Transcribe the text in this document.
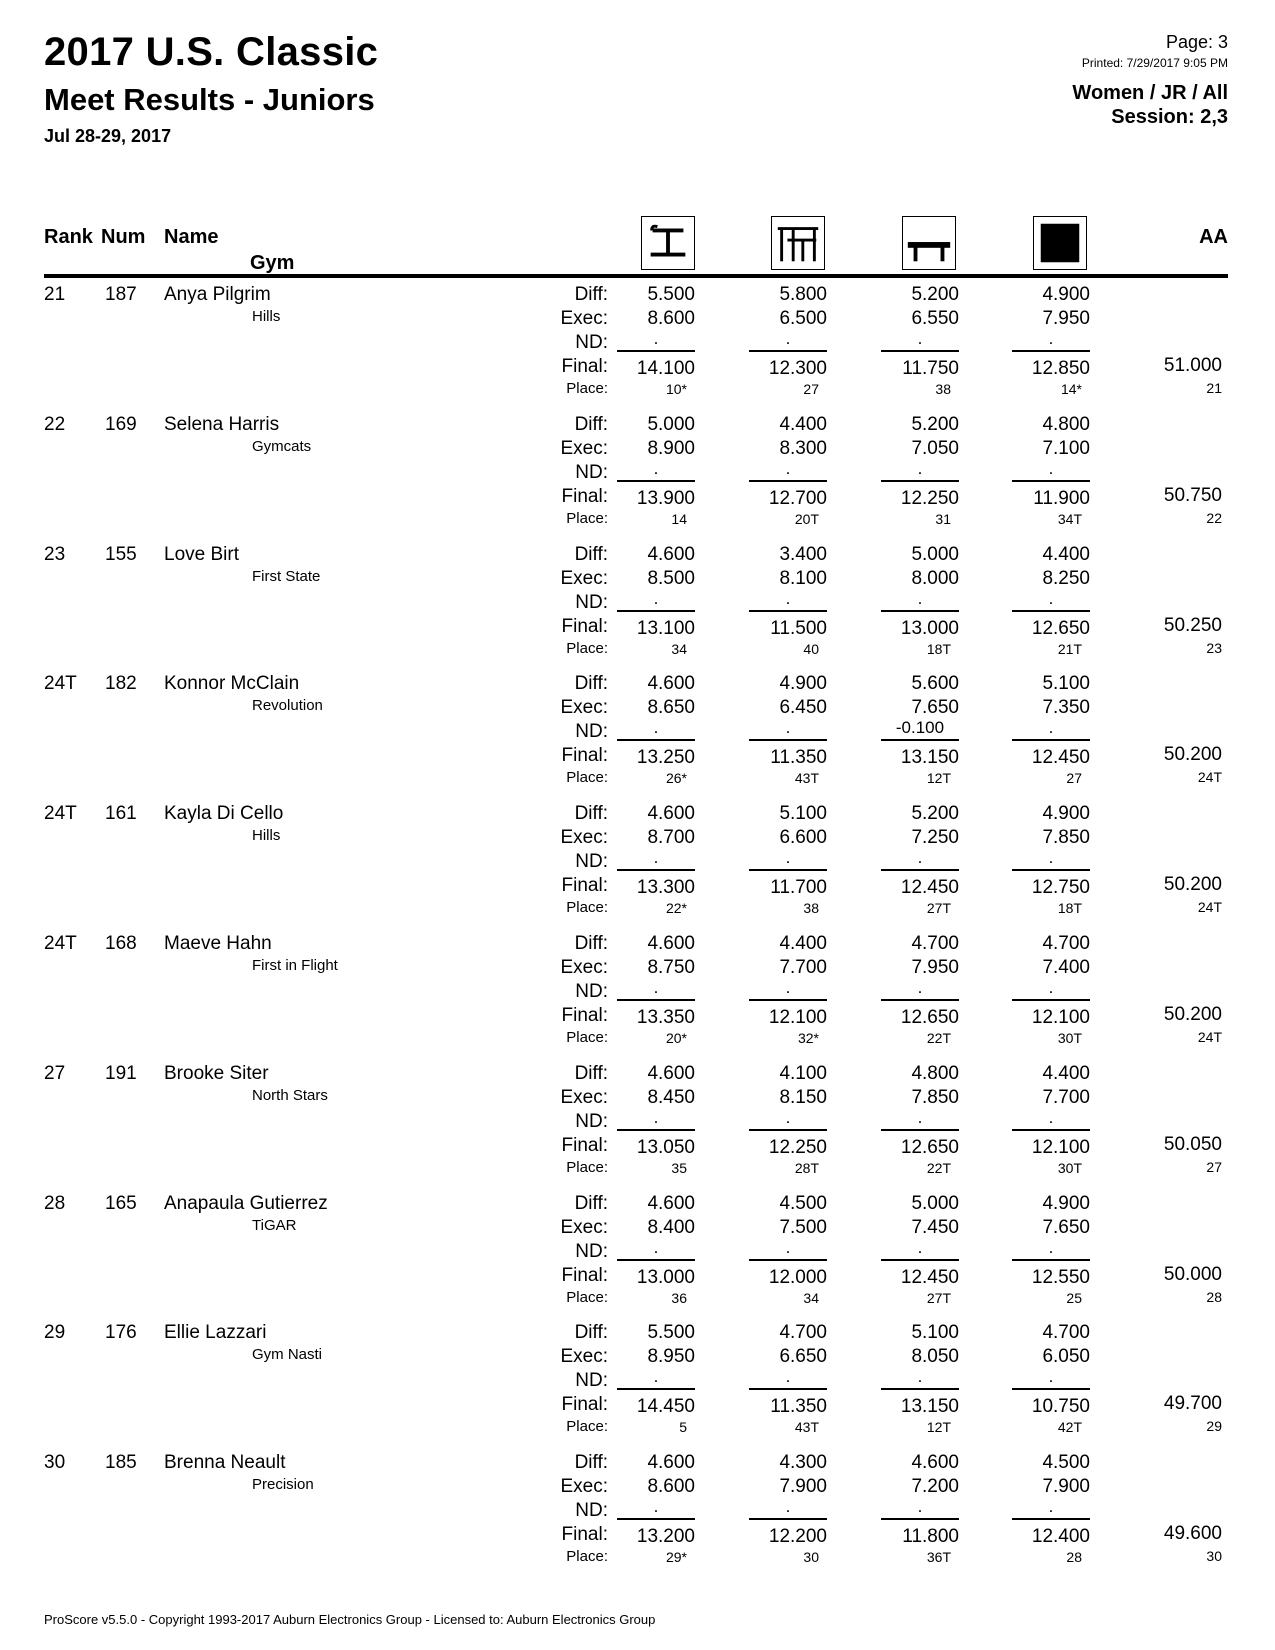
2017 U.S. Classic
Meet Results - Juniors
Jul 28-29, 2017
Page: 3
Printed: 7/29/2017 9:05 PM
Women / JR / All
Session: 2,3
Rank Num Name
Gym
AA
21 187 Anya Pilgrim
Hills
Diff:	5.500	5.800	5.200	4.900
Exec:	8.600	6.500	6.550	7.950
ND:	.	.	.	.
Final:	14.100	12.300	11.750	12.850
Place:	10*	27	38	14*
51.000
21
22 169 Selena Harris
Gymcats
Diff:	5.000	4.400	5.200	4.800
Exec:	8.900	8.300	7.050	7.100
ND:	.	.	.	.
Final:	13.900	12.700	12.250	11.900
Place:	14	20T	31	34T
50.750
22
23 155 Love Birt
First State
Diff:	4.600	3.400	5.000	4.400
Exec:	8.500	8.100	8.000	8.250
ND:	.	.	.	.
Final:	13.100	11.500	13.000	12.650
Place:	34	40	18T	21T
50.250
23
24T 182 Konnor McClain
Revolution
Diff:	4.600	4.900	5.600	5.100
Exec:	8.650	6.450	7.650	7.350
ND:	.	.	-0.100	.
Final:	13.250	11.350	13.150	12.450
Place:	26*	43T	12T	27
50.200
24T
24T 161 Kayla Di Cello
Hills
Diff:	4.600	5.100	5.200	4.900
Exec:	8.700	6.600	7.250	7.850
ND:	.	.	.	.
Final:	13.300	11.700	12.450	12.750
Place:	22*	38	27T	18T
50.200
24T
24T 168 Maeve Hahn
First in Flight
Diff:	4.600	4.400	4.700	4.700
Exec:	8.750	7.700	7.950	7.400
ND:	.	.	.	.
Final:	13.350	12.100	12.650	12.100
Place:	20*	32*	22T	30T
50.200
24T
27 191 Brooke Siter
North Stars
Diff:	4.600	4.100	4.800	4.400
Exec:	8.450	8.150	7.850	7.700
ND:	.	.	.	.
Final:	13.050	12.250	12.650	12.100
Place:	35	28T	22T	30T
50.050
27
28 165 Anapaula Gutierrez
TiGAR
Diff:	4.600	4.500	5.000	4.900
Exec:	8.400	7.500	7.450	7.650
ND:	.	.	.	.
Final:	13.000	12.000	12.450	12.550
Place:	36	34	27T	25
50.000
28
29 176 Ellie Lazzari
Gym Nasti
Diff:	5.500	4.700	5.100	4.700
Exec:	8.950	6.650	8.050	6.050
ND:	.	.	.	.
Final:	14.450	11.350	13.150	10.750
Place:	5	43T	12T	42T
49.700
29
30 185 Brenna Neault
Precision
Diff:	4.600	4.300	4.600	4.500
Exec:	8.600	7.900	7.200	7.900
ND:	.	.	.	.
Final:	13.200	12.200	11.800	12.400
Place:	29*	30	36T	28
49.600
30
ProScore v5.5.0 - Copyright 1993-2017 Auburn Electronics Group - Licensed to: Auburn Electronics Group
